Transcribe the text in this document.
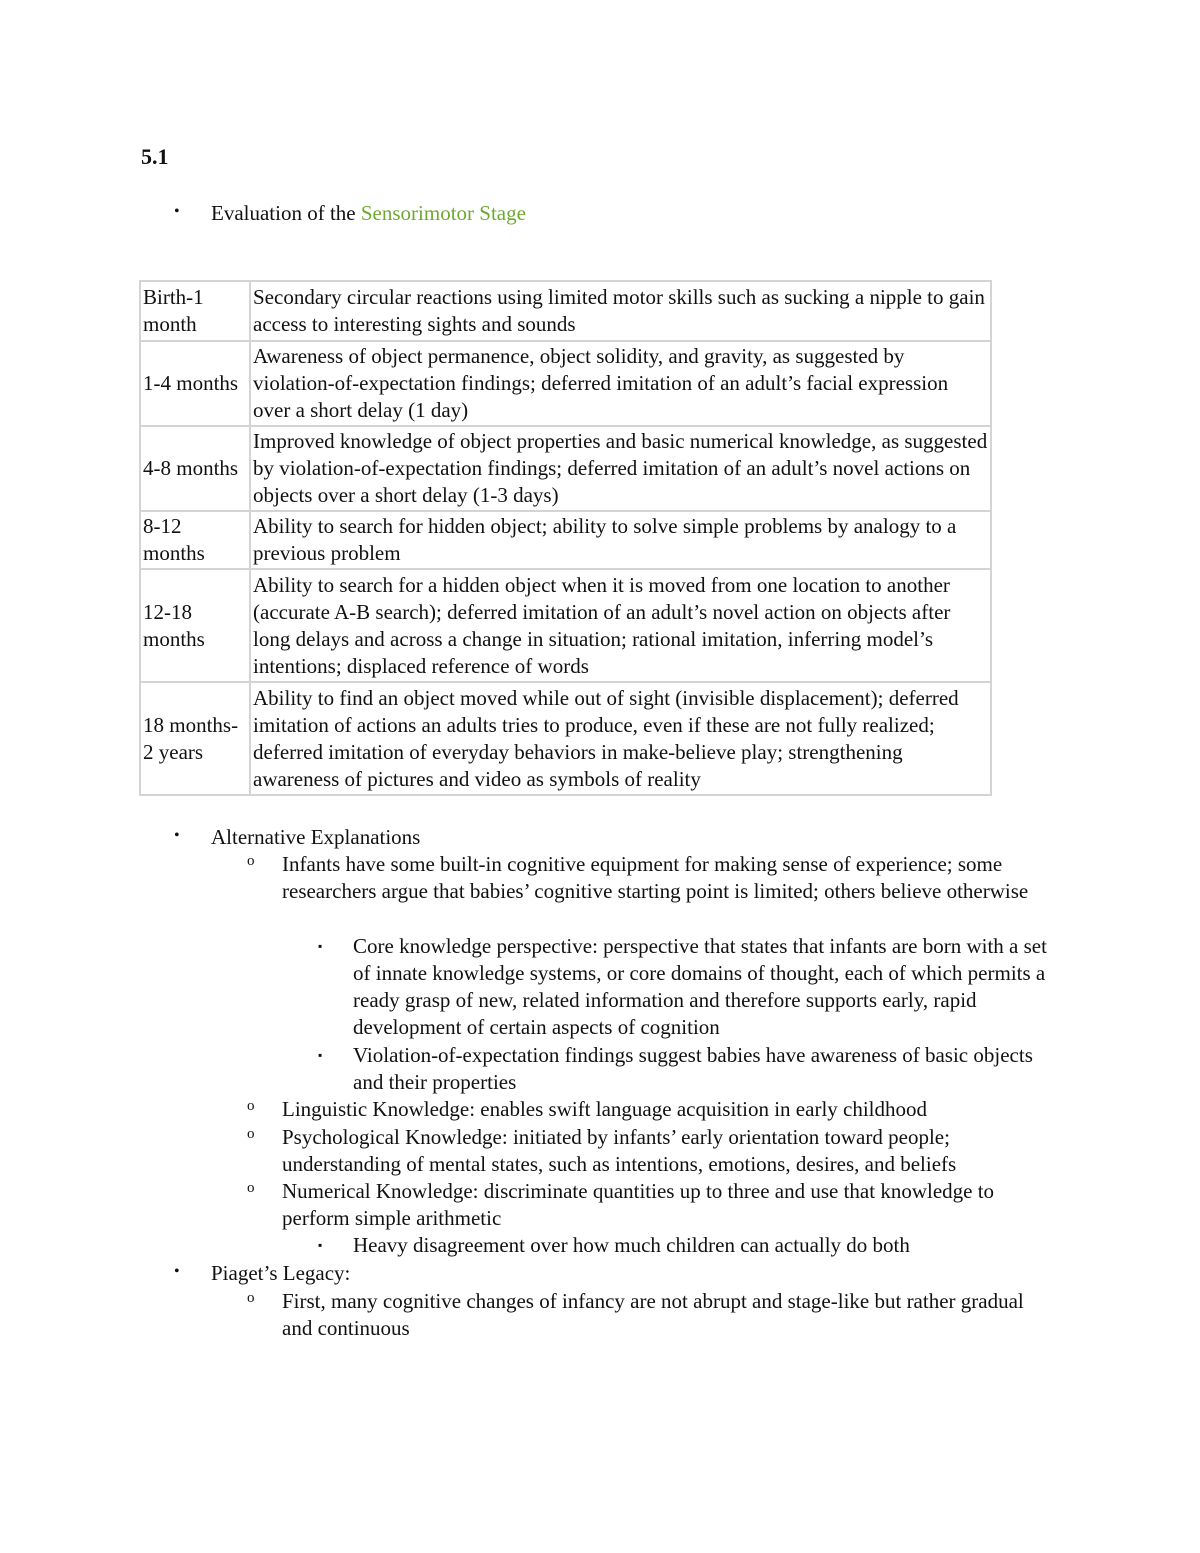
5.1
• Evaluation of the Sensorimotor Stage
Birth-1 month	Secondary circular reactions using limited motor skills such as sucking a nipple to gain access to interesting sights and sounds
1-4 months	Awareness of object permanence, object solidity, and gravity, as suggested by violation-of-expectation findings; deferred imitation of an adult’s facial expression over a short delay (1 day)
4-8 months	Improved knowledge of object properties and basic numerical knowledge, as suggested by violation-of-expectation findings; deferred imitation of an adult’s novel actions on objects over a short delay (1-3 days)
8-12 months	Ability to search for hidden object; ability to solve simple problems by analogy to a previous problem
12-18 months	Ability to search for a hidden object when it is moved from one location to another (accurate A-B search); deferred imitation of an adult’s novel action on objects after long delays and across a change in situation; rational imitation, inferring model’s intentions; displaced reference of words
18 months-2 years	Ability to find an object moved while out of sight (invisible displacement); deferred imitation of actions an adults tries to produce, even if these are not fully realized; deferred imitation of everyday behaviors in make-believe play; strengthening awareness of pictures and video as symbols of reality
• Alternative Explanations
o Infants have some built-in cognitive equipment for making sense of experience; some researchers argue that babies’ cognitive starting point is limited; others believe otherwise
▪ Core knowledge perspective: perspective that states that infants are born with a set of innate knowledge systems, or core domains of thought, each of which permits a ready grasp of new, related information and therefore supports early, rapid development of certain aspects of cognition
▪ Violation-of-expectation findings suggest babies have awareness of basic objects and their properties
o Linguistic Knowledge: enables swift language acquisition in early childhood
o Psychological Knowledge: initiated by infants’ early orientation toward people; understanding of mental states, such as intentions, emotions, desires, and beliefs
o Numerical Knowledge: discriminate quantities up to three and use that knowledge to perform simple arithmetic
▪ Heavy disagreement over how much children can actually do both
• Piaget’s Legacy:
o First, many cognitive changes of infancy are not abrupt and stage-like but rather gradual and continuous
